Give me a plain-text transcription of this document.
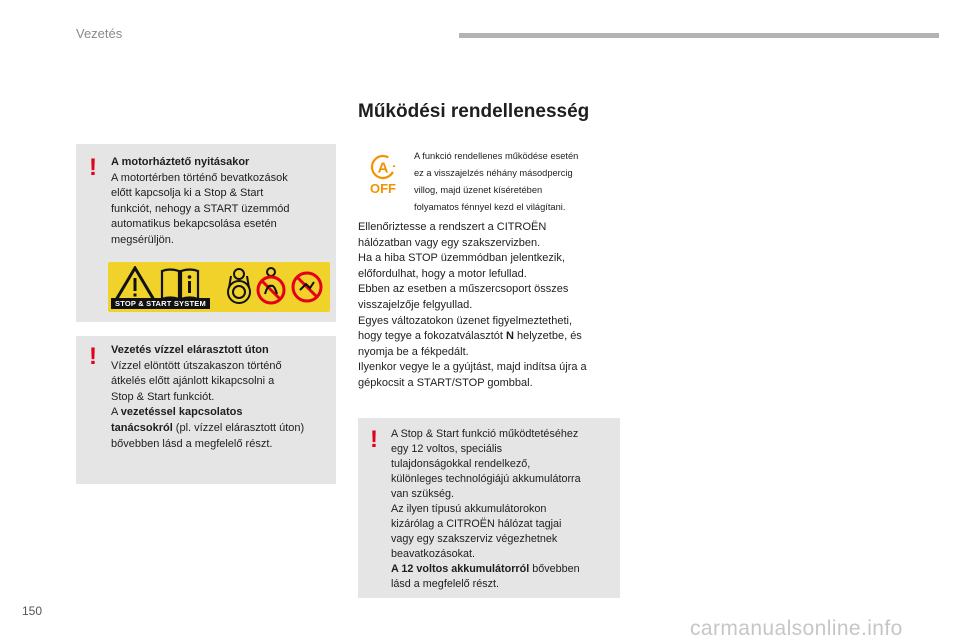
Vezetés
! A motorháztető nyitásakor
A motortérben történő bevatkozások
előtt kapcsolja ki a Stop & Start
funkciót, nehogy a START üzemmód
automatikus bekapcsolása esetén
megsérüljön.
STOP & START SYSTEM
! Vezetés vízzel elárasztott úton
Vízzel elöntött útszakaszon történő
átkelés előtt ajánlott kikapcsolni a
Stop & Start funkciót.
A vezetéssel kapcsolatos
tanácsokról (pl. vízzel elárasztott úton)
bővebben lásd a megfelelő részt.
Működési rendellenesség
A
OFF
A funkció rendellenes működése esetén
ez a visszajelzés néhány másodpercig
villog, majd üzenet kíséretében
folyamatos fénnyel kezd el világítani.

Ellenőriztesse a rendszert a CITROËN

hálózatban vagy egy szakszervizben.

Ha a hiba STOP üzemmódban jelentkezik,

előfordulhat, hogy a motor lefullad.

Ebben az esetben a műszercsoport összes

visszajelzője felgyullad.

Egyes változatokon üzenet figyelmeztetheti,

hogy tegye a fokozatválasztót N helyzetbe, és

nyomja be a fékpedált.

Ilyenkor vegye le a gyújtást, majd indítsa újra a

gépkocsit a START/STOP gombbal.

! A Stop & Start funkció működtetéséhez
egy 12 voltos, speciális
tulajdonságokkal rendelkező,
különleges technológiájú akkumulátorra
van szükség.
Az ilyen típusú akkumulátorokon
kizárólag a CITROËN hálózat tagjai
vagy egy szakszerviz végezhetnek
beavatkozásokat.
A 12 voltos akkumulátorról bővebben
lásd a megfelelő részt.
150
carmanualsonline.info
